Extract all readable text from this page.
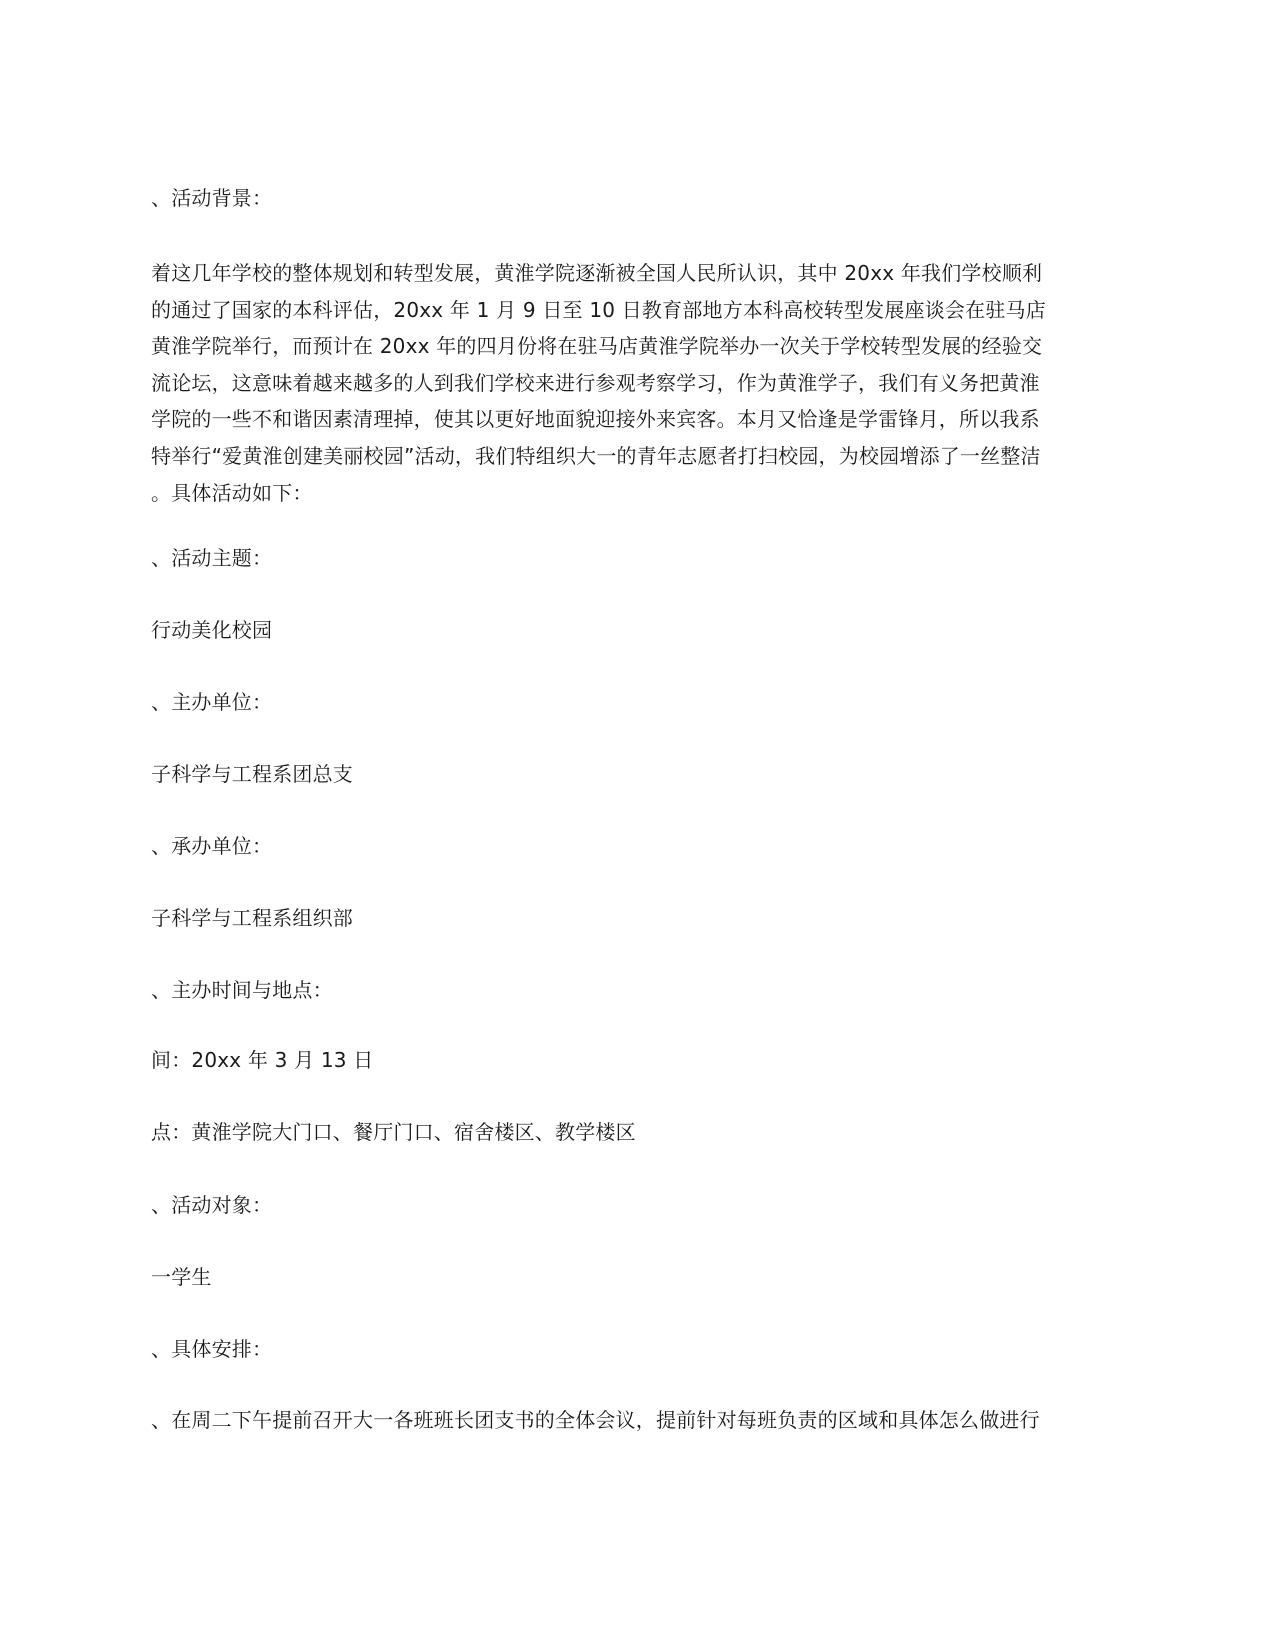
、活动背景：
着这几年学校的整体规划和转型发展，黄淮学院逐渐被全国人民所认识，其中 20xx 年我们学校顺利
的通过了国家的本科评估，20xx 年 1 月 9 日至 10 日教育部地方本科高校转型发展座谈会在驻马店
黄淮学院举行，而预计在 20xx 年的四月份将在驻马店黄淮学院举办一次关于学校转型发展的经验交
流论坛，这意味着越来越多的人到我们学校来进行参观考察学习，作为黄淮学子，我们有义务把黄淮
学院的一些不和谐因素清理掉，使其以更好地面貌迎接外来宾客。本月又恰逢是学雷锋月，所以我系
特举行“爱黄淮创建美丽校园”活动，我们特组织大一的青年志愿者打扫校园，为校园增添了一丝整洁
。具体活动如下：
、活动主题：
行动美化校园
、主办单位：
子科学与工程系团总支
、承办单位：
子科学与工程系组织部
、主办时间与地点：
间：20xx 年 3 月 13 日
点：黄淮学院大门口、餐厅门口、宿舍楼区、教学楼区
、活动对象：
一学生
、具体安排：
、在周二下午提前召开大一各班班长团支书的全体会议，提前针对每班负责的区域和具体怎么做进行
